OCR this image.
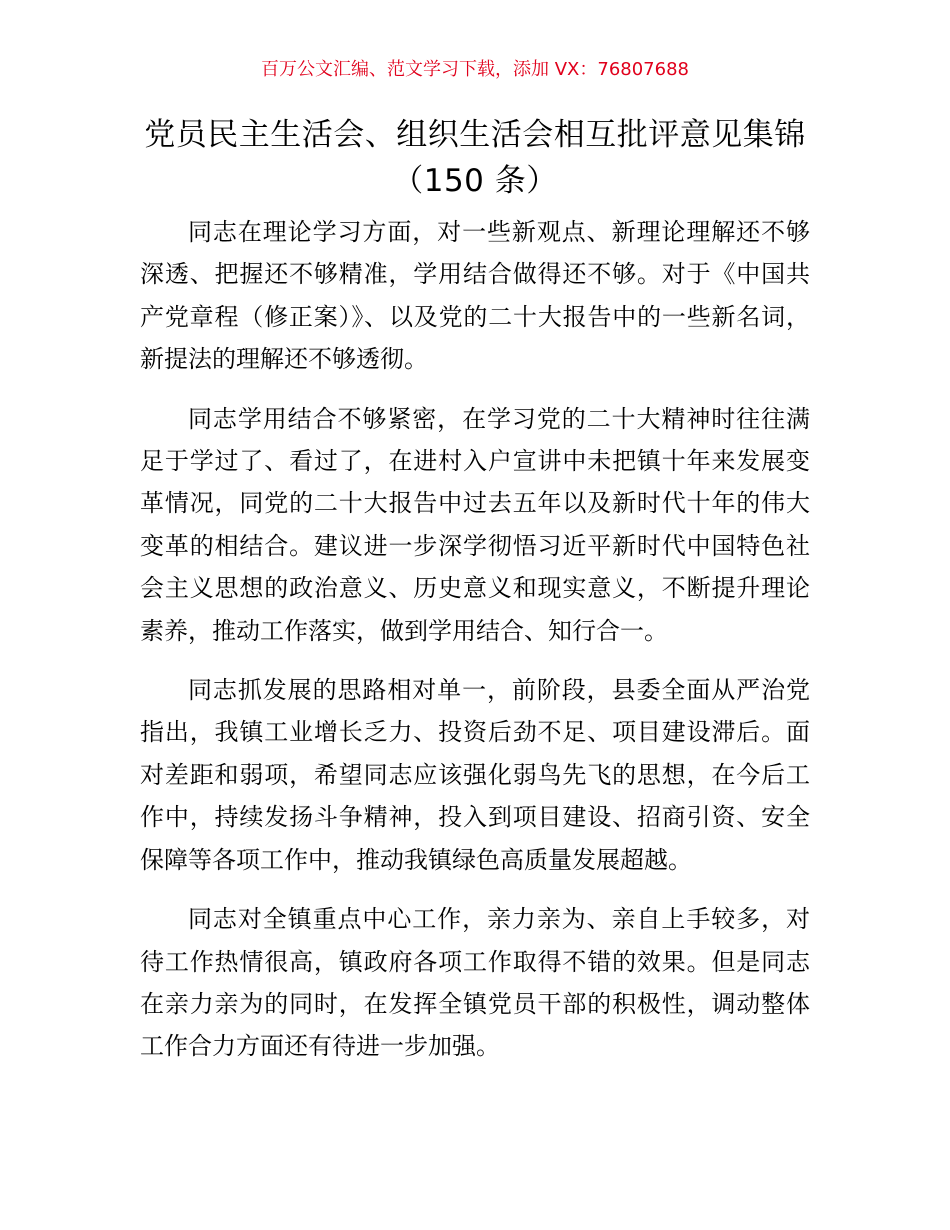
百万公文汇编、范文学习下载，添加 VX：76807688
党员民主生活会、组织生活会相互批评意见集锦（150 条）

同志在理论学习方面，对一些新观点、新理论理解还不够深透、把握还不够精准，学用结合做得还不够。对于《中国共产党章程（修正案）》、以及党的二十大报告中的一些新名词，新提法的理解还不够透彻。

同志学用结合不够紧密，在学习党的二十大精神时往往满足于学过了、看过了，在进村入户宣讲中未把镇十年来发展变革情况，同党的二十大报告中过去五年以及新时代十年的伟大变革的相结合。建议进一步深学彻悟习近平新时代中国特色社会主义思想的政治意义、历史意义和现实意义，不断提升理论素养，推动工作落实，做到学用结合、知行合一。

同志抓发展的思路相对单一，前阶段，县委全面从严治党指出，我镇工业增长乏力、投资后劲不足、项目建设滞后。面对差距和弱项，希望同志应该强化弱鸟先飞的思想，在今后工作中，持续发扬斗争精神，投入到项目建设、招商引资、安全保障等各项工作中，推动我镇绿色高质量发展超越。

同志对全镇重点中心工作，亲力亲为、亲自上手较多，对待工作热情很高，镇政府各项工作取得不错的效果。但是同志在亲力亲为的同时，在发挥全镇党员干部的积极性，调动整体工作合力方面还有待进一步加强。
